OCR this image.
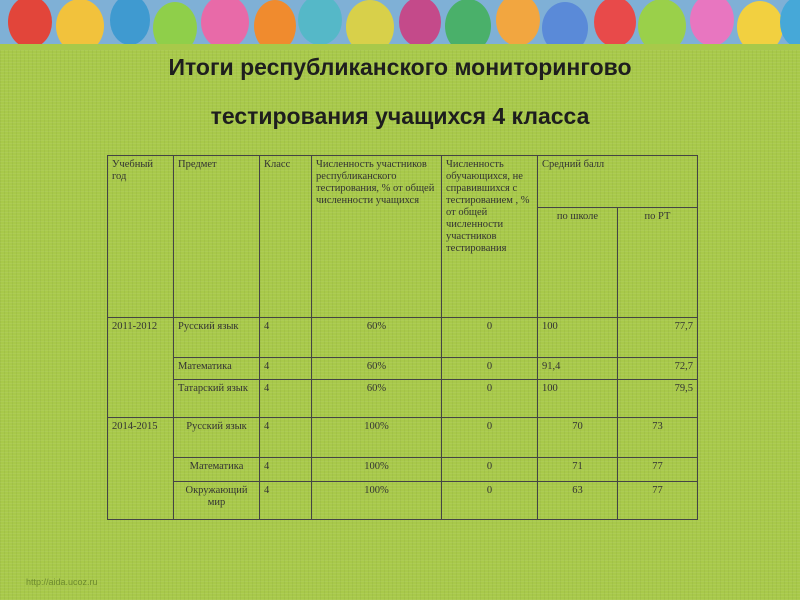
Итоги республиканского мониторингово
тестирования учащихся 4 класса
Учебный год	Предмет	Класс	Численность участников республиканского тестирования, % от общей численности учащихся	Численность обучающихся, не справившихся с тестированием , % от общей численности участников тестирования	Средний балл	
					по школе	по РТ
2011-2012	Русский язык	4	60%	0	100	77,7
	Математика	4	60%	0	91,4	72,7
	Татарский язык	4	60%	0	100	79,5
2014-2015	Русский язык	4	100%	0	70	73
	Математика	4	100%	0	71	77
	Окружающий мир	4	100%	0	63	77
http://aida.ucoz.ru
